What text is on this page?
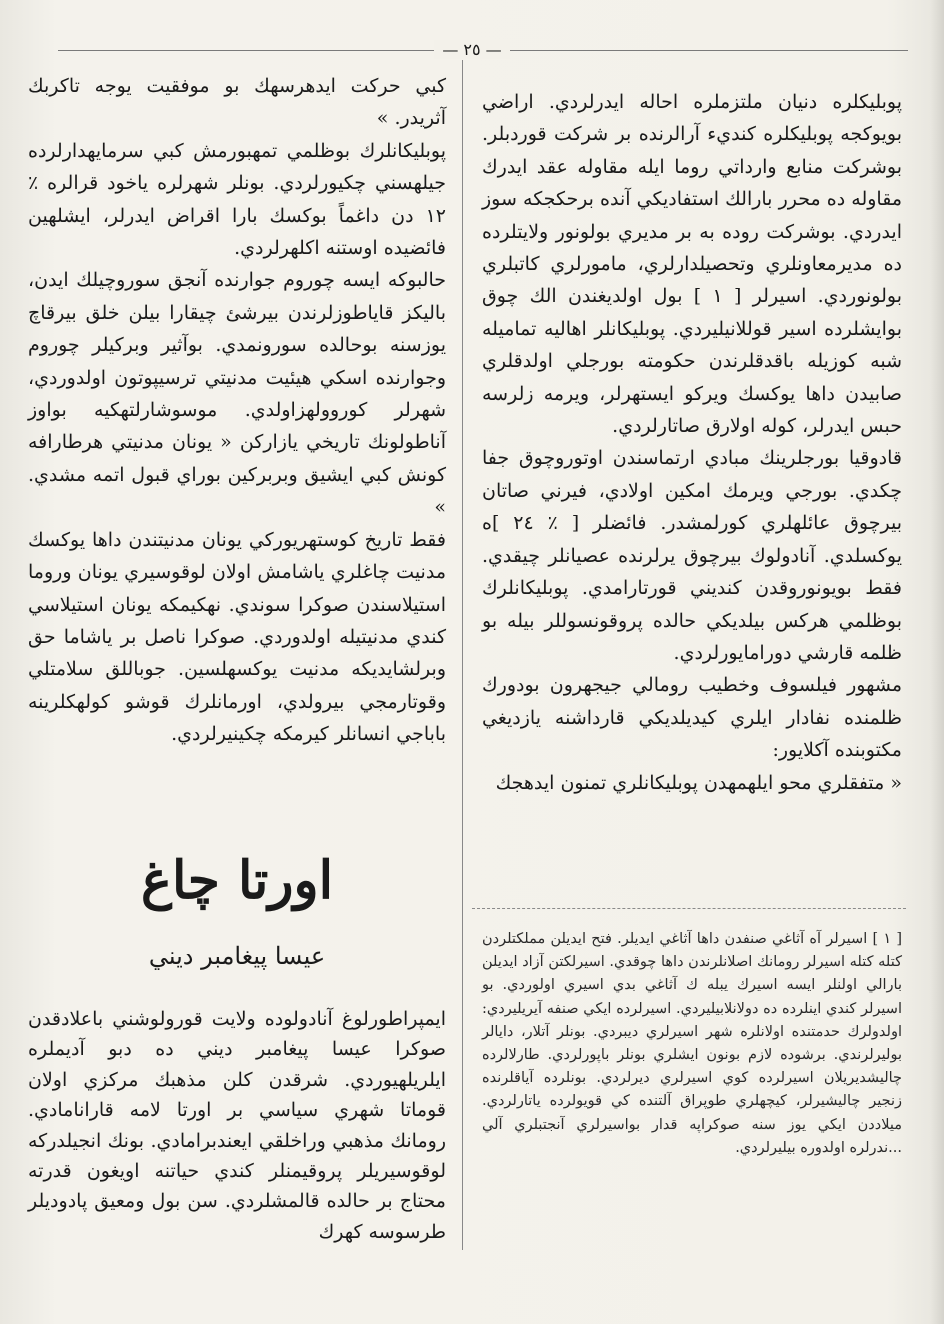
— ٢٥ —

پوبليكلره دنيان ملتزملره احاله ايدرلردي. اراضي بويوكجه پوبليكلره كنديء آرالرنده بر شركت قوردبلر. بوشركت منابع وارداتي روما ايله مقاوله عقد ايدرك مقاوله ده محرر بارالك استفاديكي آنده برحكجكه سوز ايدردي. بوشركت روده به بر مديري بولونور ولايتلرده ده مديرمعاونلري وتحصيلدارلري، مامورلري كاتبلري بولونوردي. اسيرلر [ ١ ] بول اولديغندن الك چوق بوايشلرده اسير قوللانيليردي. پوبليكانلر اهاليه تماميله شبه كوزيله باقدقلرندن حكومته بورجلي اولدقلري صابيدن داها يوكسك ويركو ايستهرلر، ويرمه زلرسه حبس ايدرلر، كوله اولارق صاتارلردي.

قادوقيا بورجلرينك مبادي ارتماسندن اوتوروچوق جفا چكدي. بورجي ويرمك امكين اولادي، فيرني صاتان بيرچوق عائلهلري كورلمشدر. فائضلر [ ٪ ٢٤ ]ه يوكسلدي. آنادولوك بيرچوق يرلرنده عصيانلر چيقدي. فقط بويونوروقدن كنديني قورتارامدي. پوبليكانلرك بوظلمي هركس بيلديكي حالده پروقونسوللر بيله بو ظلمه قارشي دورامايورلردي.

مشهور فيلسوف وخطيب رومالي جيجهرون بودورك ظلمنده نفادار ايلري كيديلديكي قارداشنه يازديغي مكتوبنده آكلايور:

« متفقلري محو ايلهمهدن پوبليكانلري تمنون ايدهجك

[ ١ ] اسيرلر آه آثاغي صنفدن داها آثاغي ايديلر. فتح ايديلن مملكتلردن كتله كتله اسيرلر رومانك اصلانلرندن داها چوقدي. اسيرلكتن آزاد ايديلن بارالي اولنلر ايسه اسيرك يبله ك آثاغي بدي اسيري اولوردي. بو اسيرلر كندي اينلرده ده دولانلابيليردي. اسيرلرده ايكي صنفه آيريليردي: اولدولرك حدمتنده اولانلره شهر اسيرلري ديبردي. بونلر آتلار، دايالر بوليرلرندي. برشوده لازم بونون ايشلري بونلر باپورلردي. طارلالرده چاليشديريلان اسيرلرده كوي اسيرلري ديرلردي. بونلرده آياقلرنده زنجير چاليشيرلر، كيچهلري طوپراق آلتنده كي قويولرده ياتارلردي. ميلاددن ايكي يوز سنه صوكراپه قدار بواسيرلري آنجتبلري آلي ...ندرلره اولدوره بيليرلردي.

كبي حركت ايدهرسهك بو موفقيت يوجه تاكربك آثريدر. »

پوبليكانلرك بوظلمي تمهبورمش كبي سرمايهدارلرده جيلهسني چكيورلردي. بونلر شهرلره ياخود قرالره ٪ ١٢ دن داغماً بوكسك بارا اقراض ايدرلر، ايشلهين فائضيده اوستنه اكلهرلردي.

حالبوكه ايسه چوروم جوارنده آنجق سوروچيلك ايدن، باليكز قاياطوزلرندن بيرشئ چيقارا بيلن خلق بيرقاچ يوزسنه بوحالده سورونمدي. بوآثير وبركيلر چوروم وجوارنده اسكي هيئيت مدنيتي ترسيپوتون اولدوردي، شهرلر كوروولهزاولدي. موسوشارلتهكيه بواوز آناطولونك تاريخي يازاركن « يونان مدنيتي هرطارافه كونش كبي ايشيق وبربركين بوراي قبول اتمه مشدي. »

فقط تاريخ كوستهريوركي يونان مدنيتندن داها يوكسك مدنيت چاغلري ياشامش اولان لوقوسيري يونان وروما استيلاسندن صوكرا سوندي. نهكيمكه يونان استيلاسي كندي مدنيتيله اولدوردي. صوكرا ناصل بر ياشاما حق وبرلشايديكه مدنيت يوكسهلسين. جوباللق سلامتلي وقوتارمجي بيرولدي، اورمانلرك قوشو كولهكلرينه باباجي انسانلر كيرمكه چكينيرلردي.

اورتا چاغ
عيسا پيغامبر ديني

ايمپراطورلوغ آنادولوده ولايت قورولوشني باعلادقدن صوكرا عيسا پيغامبر ديني ده دبو آديملره ايلريلهيوردي. شرقدن كلن مذهبك مركزي اولان قوماتا شهري سياسي بر اورتا لامه قارانامادي. رومانك مذهبي وراخلقي ايعندبرامادي. بونك انجيلدركه لوقوسيريلر پروقيمنلر كندي حياتنه اويغون قدرته محتاج بر حالده قالمشلردي. سن بول ومعيق پادوديلر طرسوسه كهرك
